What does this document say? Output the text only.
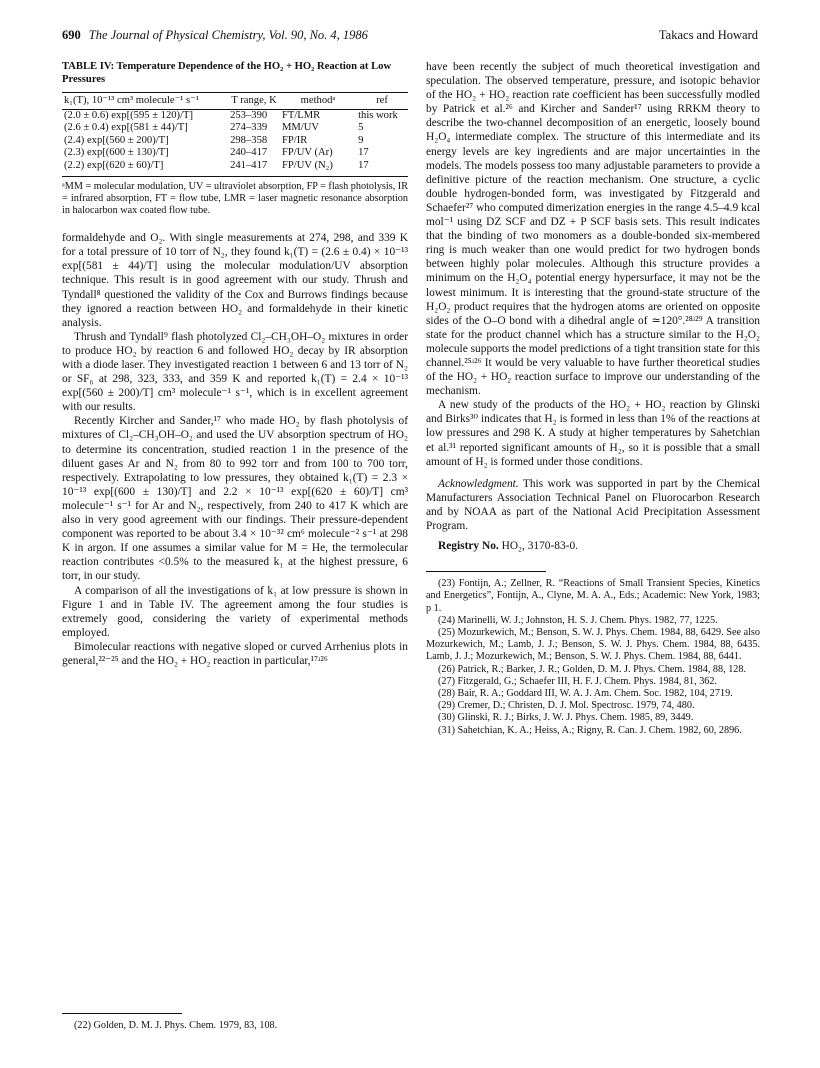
690 The Journal of Physical Chemistry, Vol. 90, No. 4, 1986	Takacs and Howard
TABLE IV: Temperature Dependence of the HO₂ + HO₂ Reaction at Low Pressures
k₁(T), 10⁻¹³ cm³ molecule⁻¹ s⁻¹	T range, K	methodᵃ	ref
(2.0 ± 0.6) exp[(595 ± 120)/T]	253–390	FT/LMR	this work
(2.6 ± 0.4) exp[(581 ± 44)/T]	274–339	MM/UV	5
(2.4) exp[(560 ± 200)/T]	298–358	FP/IR	9
(2.3) exp[(600 ± 130)/T]	240–417	FP/UV (Ar)	17
(2.2) exp[(620 ± 60)/T]	241–417	FP/UV (N₂)	17

ᵃMM = molecular modulation, UV = ultraviolet absorption, FP = flash photolysis, IR = infrared absorption, FT = flow tube, LMR = laser magnetic resonance absorption in halocarbon wax coated flow tube.

formaldehyde and O₂. With single measurements at 274, 298, and 339 K for a total pressure of 10 torr of N₂, they found k₁(T) = (2.6 ± 0.4) × 10⁻¹³ exp[(581 ± 44)/T] using the molecular modulation/UV absorption technique. This result is in good agreement with our study. Thrush and Tyndall⁸ questioned the validity of the Cox and Burrows findings because they ignored a reaction between HO₂ and formaldehyde in their kinetic analysis.

Thrush and Tyndall⁹ flash photolyzed Cl₂–CH₃OH–O₂ mixtures in order to produce HO₂ by reaction 6 and followed HO₂ decay by IR absorption with a diode laser. They investigated reaction 1 between 6 and 13 torr of N₂ or SF₆ at 298, 323, 333, and 359 K and reported k₁(T) = 2.4 × 10⁻¹³ exp[(560 ± 200)/T] cm³ molecule⁻¹ s⁻¹, which is in excellent agreement with our results.

Recently Kircher and Sander,¹⁷ who made HO₂ by flash photolysis of mixtures of Cl₂–CH₃OH–O₂ and used the UV absorption spectrum of HO₂ to determine its concentration, studied reaction 1 in the presence of the diluent gases Ar and N₂ from 80 to 992 torr and from 100 to 700 torr, respectively. Extrapolating to low pressures, they obtained k₁(T) = 2.3 × 10⁻¹³ exp[(600 ± 130)/T] and 2.2 × 10⁻¹³ exp[(620 ± 60)/T] cm³ molecule⁻¹ s⁻¹ for Ar and N₂, respectively, from 240 to 417 K which are also in very good agreement with our findings. Their pressure-dependent component was reported to be about 3.4 × 10⁻³² cm⁶ molecule⁻² s⁻¹ at 298 K in argon. If one assumes a similar value for M = He, the termolecular reaction contributes <0.5% to the measured k₁ at the highest pressure, 6 torr, in our study.

A comparison of all the investigations of k₁ at low pressure is shown in Figure 1 and in Table IV. The agreement among the four studies is extremely good, considering the variety of experimental methods employed.

Bimolecular reactions with negative sloped or curved Arrhenius plots in general,²²⁻²⁵ and the HO₂ + HO₂ reaction in particular,¹⁷ʴ²⁶

(22) Golden, D. M. J. Phys. Chem. 1979, 83, 108.

have been recently the subject of much theoretical investigation and speculation. The observed temperature, pressure, and isotopic behavior of the HO₂ + HO₂ reaction rate coefficient has been successfully modled by Patrick et al.²⁶ and Kircher and Sander¹⁷ using RRKM theory to describe the two-channel decomposition of an energetic, loosely bound H₂O₄ intermediate complex. The structure of this intermediate and its energy levels are key ingredients and are major uncertainties in the models. The models possess too many adjustable parameters to provide a definitive picture of the reaction mechanism. One structure, a cyclic double hydrogen-bonded form, was investigated by Fitzgerald and Schaefer²⁷ who computed dimerization energies in the range 4.5–4.9 kcal mol⁻¹ using DZ SCF and DZ + P SCF basis sets. This result indicates that the binding of two monomers as a double-bonded six-membered ring is much weaker than one would predict for two hydrogen bonds between highly polar molecules. Although this structure provides a minimum on the H₂O₄ potential energy hypersurface, it may not be the lowest minimum. It is interesting that the ground-state structure of the H₂O₂ product requires that the hydrogen atoms are oriented on opposite sides of the O–O bond with a dihedral angle of ≃120°.²⁸ʴ²⁹ A transition state for the product channel which has a structure similar to the H₂O₂ molecule supports the model predictions of a tight transition state for this channel.²⁵ʴ²⁶ It would be very valuable to have further theoretical studies of the HO₂ + HO₂ reaction surface to improve our understanding of the mechanism.

A new study of the products of the HO₂ + HO₂ reaction by Glinski and Birks³⁰ indicates that H₂ is formed in less than 1% of the reactions at low pressures and 298 K. A study at higher temperatures by Sahetchian et al.³¹ reported significant amounts of H₂, so it is possible that a small amount of H₂ is formed under those conditions.

Acknowledgment. This work was supported in part by the Chemical Manufacturers Association Technical Panel on Fluorocarbon Research and by NOAA as part of the National Acid Precipitation Assessment Program.

Registry No. HO₂, 3170-83-0.

(23) Fontijn, A.; Zellner, R. “Reactions of Small Transient Species, Kinetics and Energetics”, Fontijn, A., Clyne, M. A. A., Eds.; Academic: New York, 1983; p 1.
(24) Marinelli, W. J.; Johnston, H. S. J. Chem. Phys. 1982, 77, 1225.
(25) Mozurkewich, M.; Benson, S. W. J. Phys. Chem. 1984, 88, 6429. See also Mozurkewich, M.; Lamb, J. J.; Benson, S. W. J. Phys. Chem. 1984, 88, 6435. Lamb, J. J.; Mozurkewich, M.; Benson, S. W. J. Phys. Chem. 1984, 88, 6441.
(26) Patrick, R.; Barker, J. R.; Golden, D. M. J. Phys. Chem. 1984, 88, 128.
(27) Fitzgerald, G.; Schaefer III, H. F. J. Chem. Phys. 1984, 81, 362.
(28) Bair, R. A.; Goddard III, W. A. J. Am. Chem. Soc. 1982, 104, 2719.
(29) Cremer, D.; Christen, D. J. Mol. Spectrosc. 1979, 74, 480.
(30) Glinski, R. J.; Birks, J. W. J. Phys. Chem. 1985, 89, 3449.
(31) Sahetchian, K. A.; Heiss, A.; Rigny, R. Can. J. Chem. 1982, 60, 2896.
